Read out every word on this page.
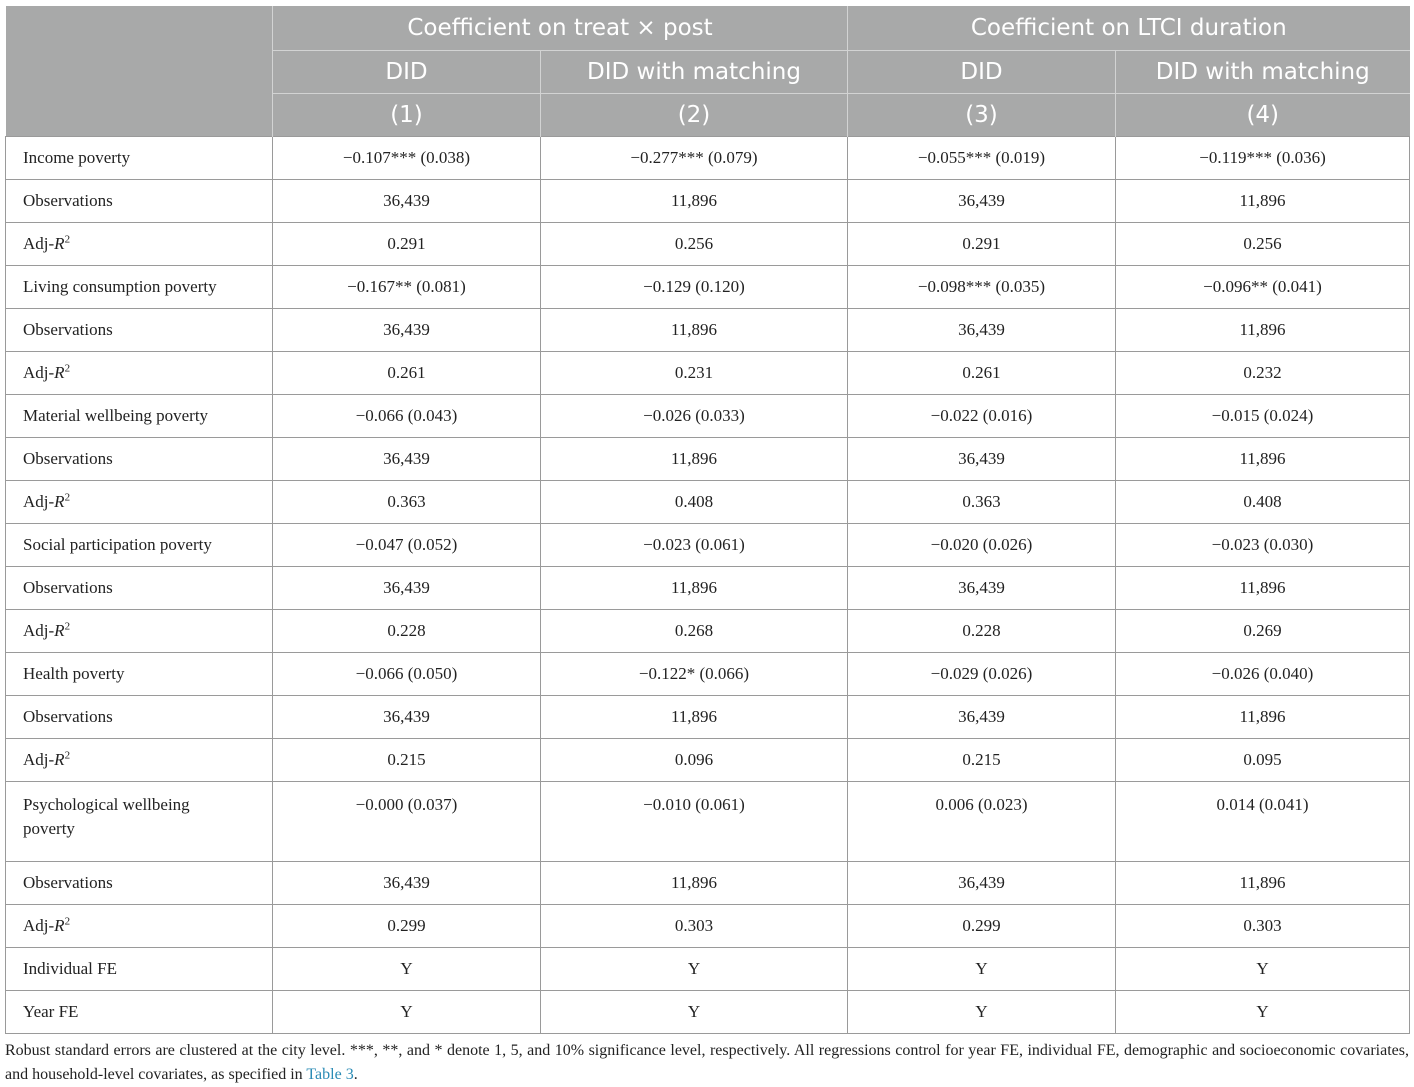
	Coefficient on treat × post		Coefficient on LTCI duration	
	DID	DID with matching	DID	DID with matching
	(1)	(2)	(3)	(4)
Income poverty	−0.107*** (0.038)	−0.277*** (0.079)	−0.055*** (0.019)	−0.119*** (0.036)
Observations	36,439	11,896	36,439	11,896
Adj-$R^2$	0.291	0.256	0.291	0.256
Living consumption poverty	−0.167** (0.081)	−0.129 (0.120)	−0.098*** (0.035)	−0.096** (0.041)
Observations	36,439	11,896	36,439	11,896
Adj-$R^2$	0.261	0.231	0.261	0.232
Material wellbeing poverty	−0.066 (0.043)	−0.026 (0.033)	−0.022 (0.016)	−0.015 (0.024)
Observations	36,439	11,896	36,439	11,896
Adj-$R^2$	0.363	0.408	0.363	0.408
Social participation poverty	−0.047 (0.052)	−0.023 (0.061)	−0.020 (0.026)	−0.023 (0.030)
Observations	36,439	11,896	36,439	11,896
Adj-$R^2$	0.228	0.268	0.228	0.269
Health poverty	−0.066 (0.050)	−0.122* (0.066)	−0.029 (0.026)	−0.026 (0.040)
Observations	36,439	11,896	36,439	11,896
Adj-$R^2$	0.215	0.096	0.215	0.095
Psychological wellbeing
poverty	−0.000 (0.037)	−0.010 (0.061)	0.006 (0.023)	0.014 (0.041)
Observations	36,439	11,896	36,439	11,896
Adj-$R^2$	0.299	0.303	0.299	0.303
Individual FE	Y	Y	Y	Y
Year FE	Y	Y	Y	Y
Robust standard errors are clustered at the city level. ***, **, and * denote 1, 5, and 10% significance level, respectively. All regressions control for year FE, individual FE, demographic and socioeconomic covariates, and household-level covariates, as specified in Table 3.
